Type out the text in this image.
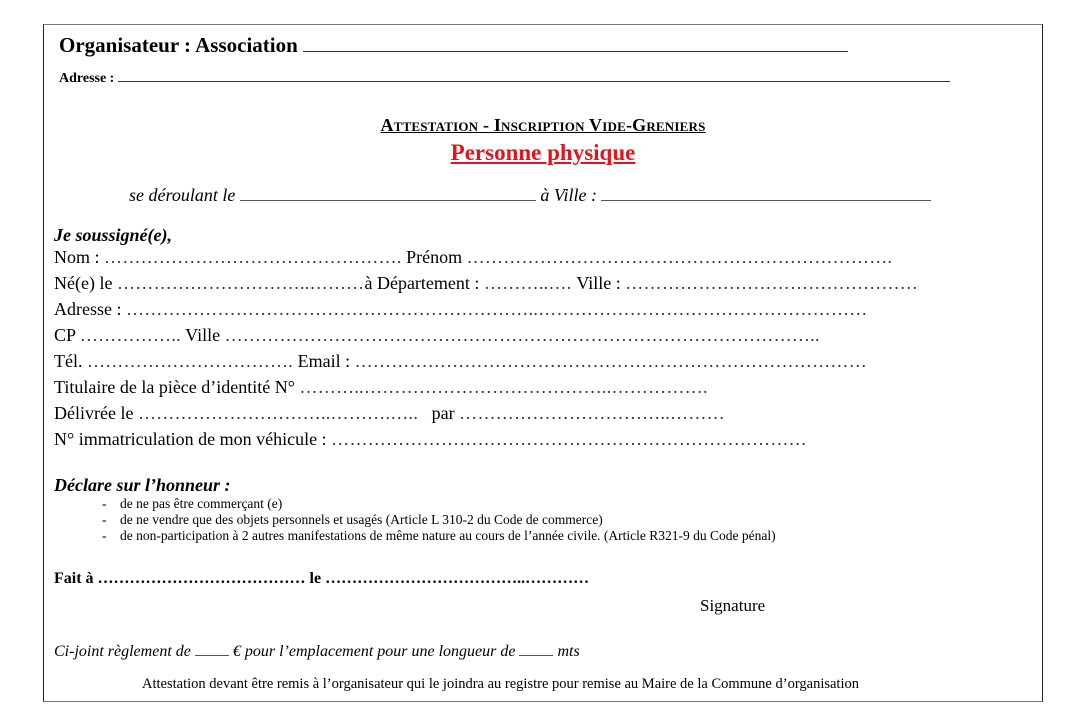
Organisateur : Association
Adresse :
Attestation - Inscription Vide-Greniers
Personne physique
se déroulant le	à Ville :
Je soussigné(e),
Nom : …………………………………………. Prénom …………………………………………………………….
Né(e) le …………………………..………à Département : ………..…. Ville : …………………………………………
Adresse : …………………………………………………………..………………………………………………
CP …………….. Ville ……………………………………………………………………………………..
Tél. ……………………………. Email : …………………………………………………………………………
Titulaire de la pièce d’identité N° ………..…………………………………..…………….
Délivrée le …………………………..……….….. par ……………………………..………
N° immatriculation de mon véhicule : ……………………………………………………………………
Déclare sur l’honneur :
- de ne pas être commerçant (e)
- de ne vendre que des objets personnels et usagés (Article L 310-2 du Code de commerce)
- de non-participation à 2 autres manifestations de même nature au cours de l’année civile. (Article R321-9 du Code pénal)
Fait à ………………………………… le ………………………………..…………
Signature
Ci-joint règlement de	€ pour l’emplacement pour une longueur de	mts
Attestation devant être remis à l’organisateur qui le joindra au registre pour remise au Maire de la Commune d’organisation
